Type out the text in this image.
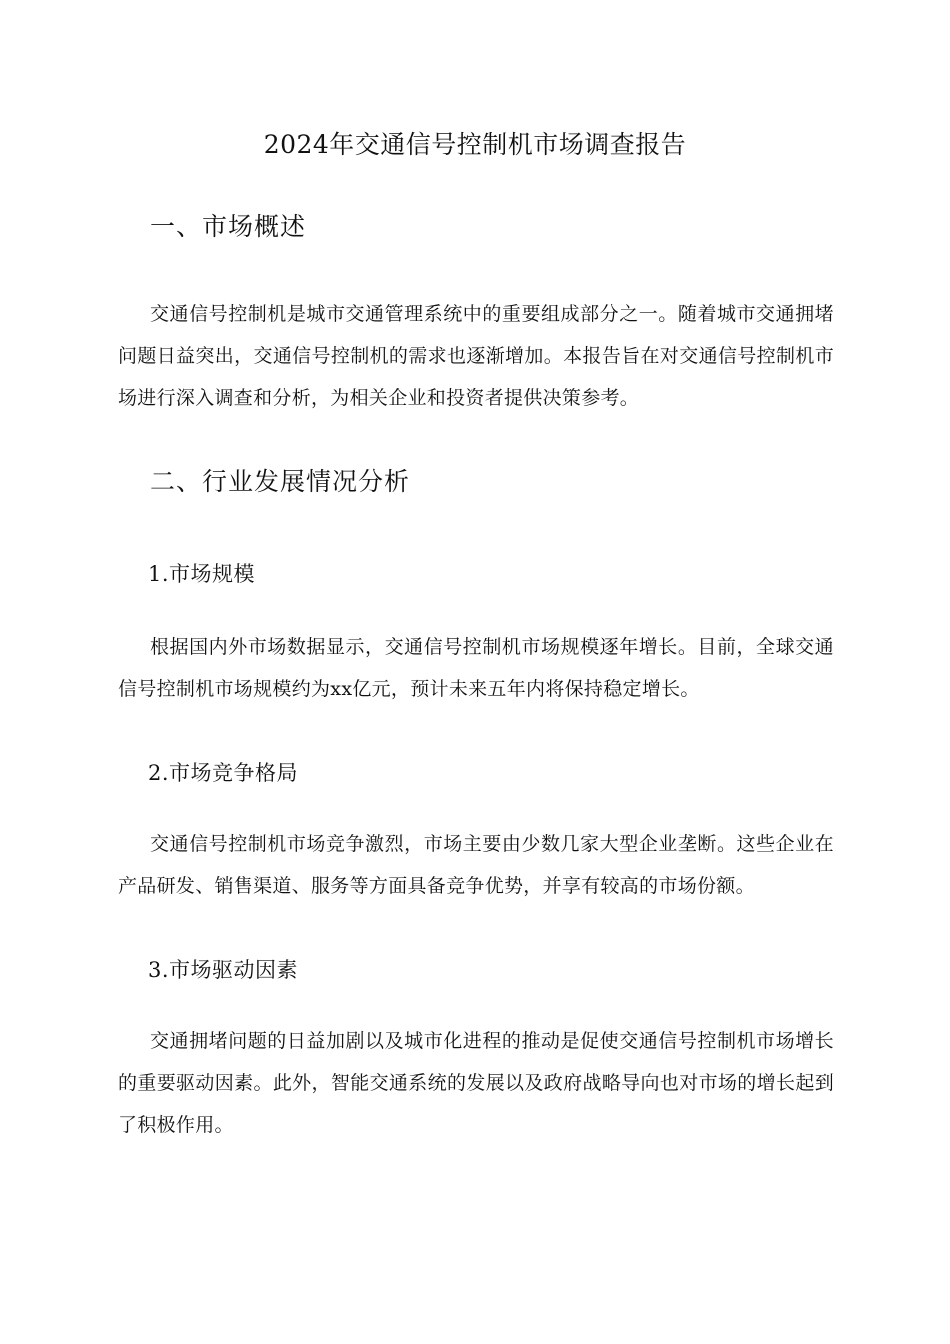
2024年交通信号控制机市场调查报告
一、市场概述
交通信号控制机是城市交通管理系统中的重要组成部分之一。随着城市交通拥堵问题日益突出，交通信号控制机的需求也逐渐增加。本报告旨在对交通信号控制机市场进行深入调查和分析，为相关企业和投资者提供决策参考。
二、行业发展情况分析
1.市场规模
根据国内外市场数据显示，交通信号控制机市场规模逐年增长。目前，全球交通信号控制机市场规模约为xx亿元，预计未来五年内将保持稳定增长。
2.市场竞争格局
交通信号控制机市场竞争激烈，市场主要由少数几家大型企业垄断。这些企业在产品研发、销售渠道、服务等方面具备竞争优势，并享有较高的市场份额。
3.市场驱动因素
交通拥堵问题的日益加剧以及城市化进程的推动是促使交通信号控制机市场增长的重要驱动因素。此外，智能交通系统的发展以及政府战略导向也对市场的增长起到了积极作用。
